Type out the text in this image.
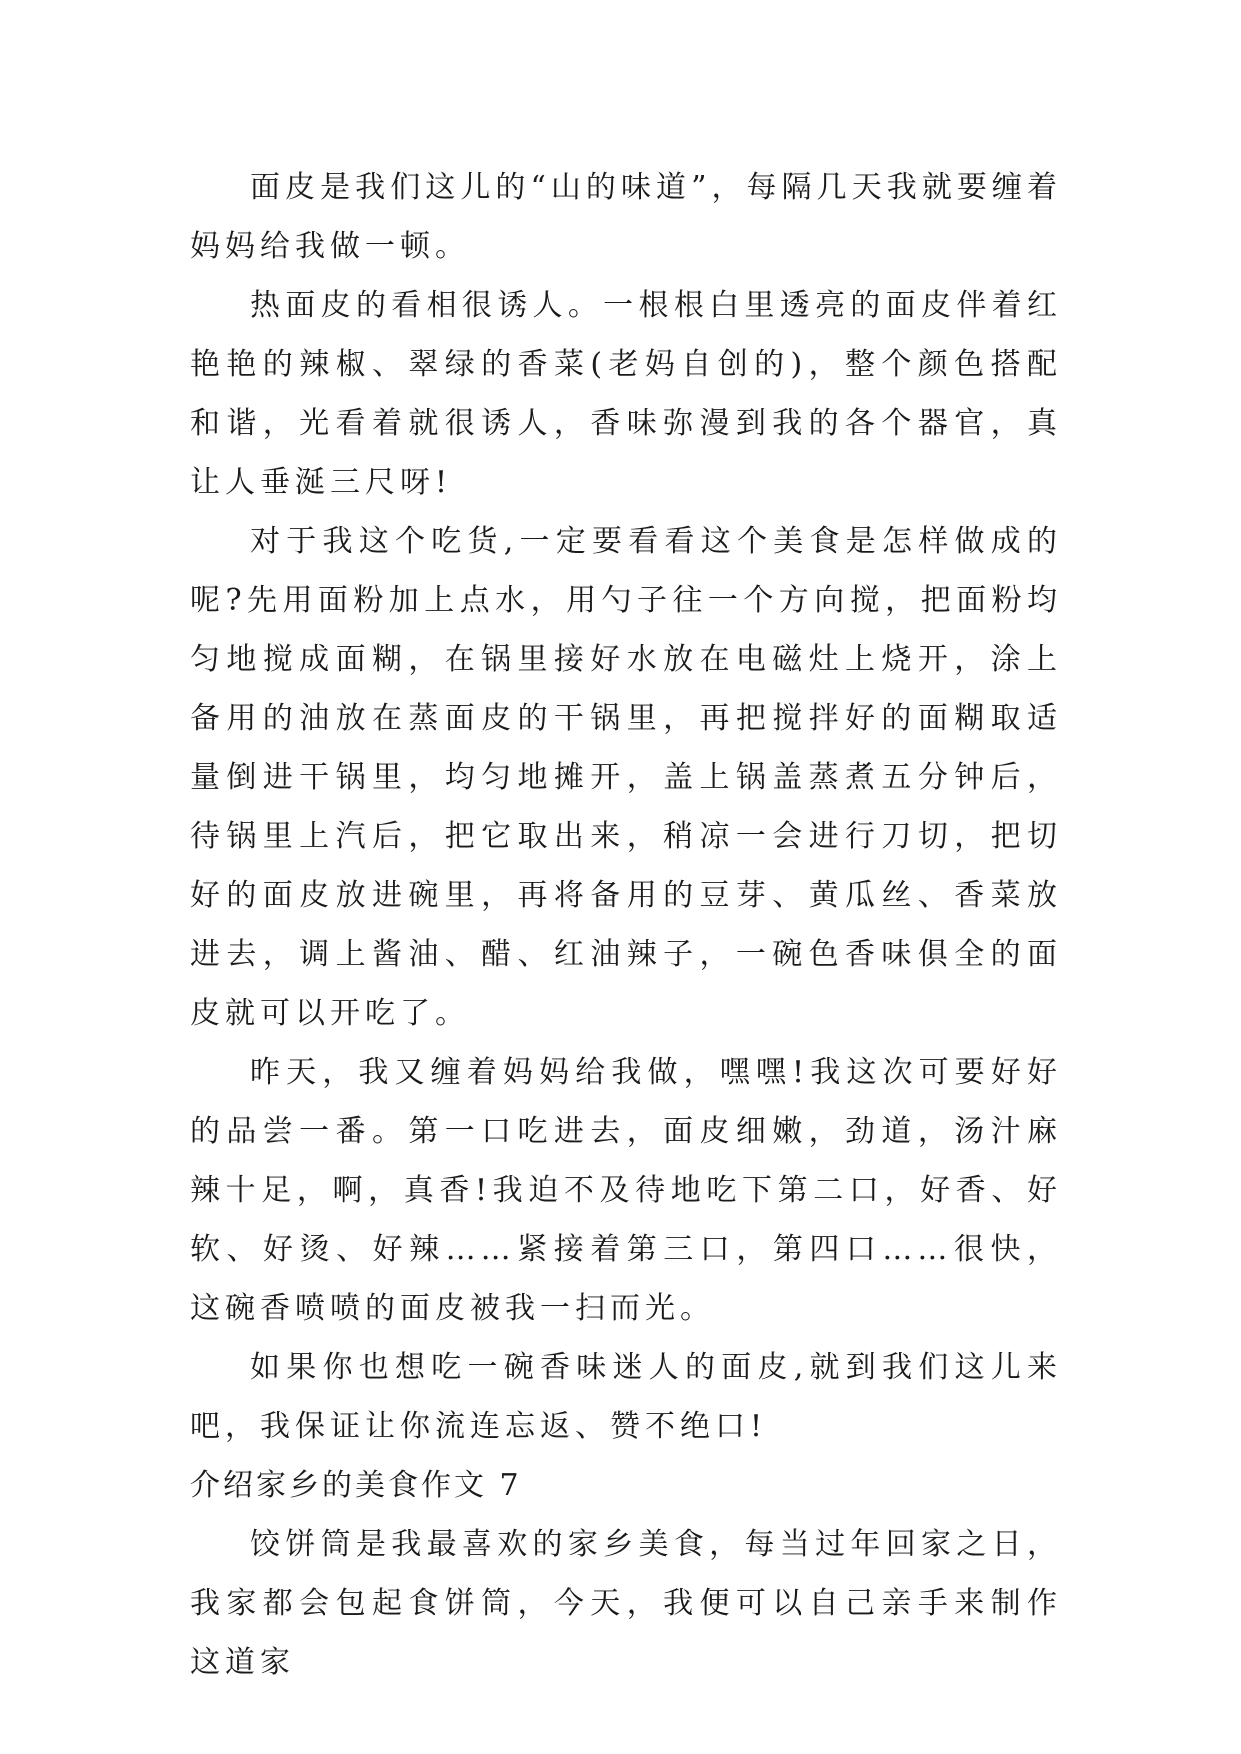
面皮是我们这儿的“山的味道”，每隔几天我就要缠着妈妈给我做一顿。

热面皮的看相很诱人。一根根白里透亮的面皮伴着红艳艳的辣椒、翠绿的香菜(老妈自创的)，整个颜色搭配和谐，光看着就很诱人，香味弥漫到我的各个器官，真让人垂涎三尺呀!

对于我这个吃货,一定要看看这个美食是怎样做成的呢?先用面粉加上点水，用勺子往一个方向搅，把面粉均匀地搅成面糊，在锅里接好水放在电磁灶上烧开，涂上备用的油放在蒸面皮的干锅里，再把搅拌好的面糊取适量倒进干锅里，均匀地摊开，盖上锅盖蒸煮五分钟后，待锅里上汽后，把它取出来，稍凉一会进行刀切，把切好的面皮放进碗里，再将备用的豆芽、黄瓜丝、香菜放进去，调上酱油、醋、红油辣子，一碗色香味俱全的面皮就可以开吃了。

昨天，我又缠着妈妈给我做，嘿嘿!我这次可要好好的品尝一番。第一口吃进去，面皮细嫩，劲道，汤汁麻辣十足，啊，真香!我迫不及待地吃下第二口，好香、好软、好烫、好辣……紧接着第三口，第四口……很快，这碗香喷喷的面皮被我一扫而光。

如果你也想吃一碗香味迷人的面皮,就到我们这儿来吧，我保证让你流连忘返、赞不绝口!

介绍家乡的美食作文 7

饺饼筒是我最喜欢的家乡美食，每当过年回家之日，我家都会包起食饼筒，今天，我便可以自己亲手来制作这道家
